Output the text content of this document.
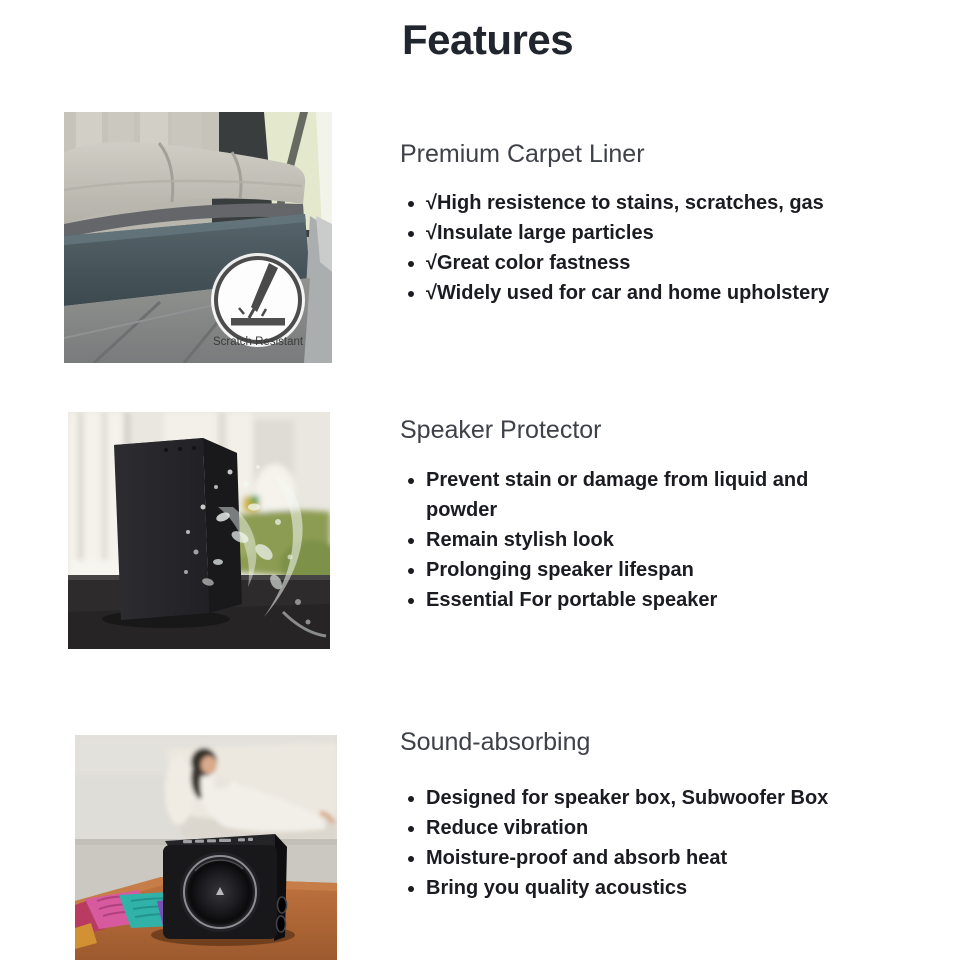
Features
Scratch Resistant
Premium Carpet Liner
• √High resistence to stains, scratches, gas
• √Insulate large particles
• √Great color fastness
• √Widely used for car and home upholstery
Speaker Protector
• Prevent stain or damage from liquid and powder
• Remain stylish look
• Prolonging speaker lifespan
• Essential For portable speaker
Sound-absorbing
• Designed for speaker box, Subwoofer Box
• Reduce vibration
• Moisture-proof and absorb heat
• Bring you quality acoustics
